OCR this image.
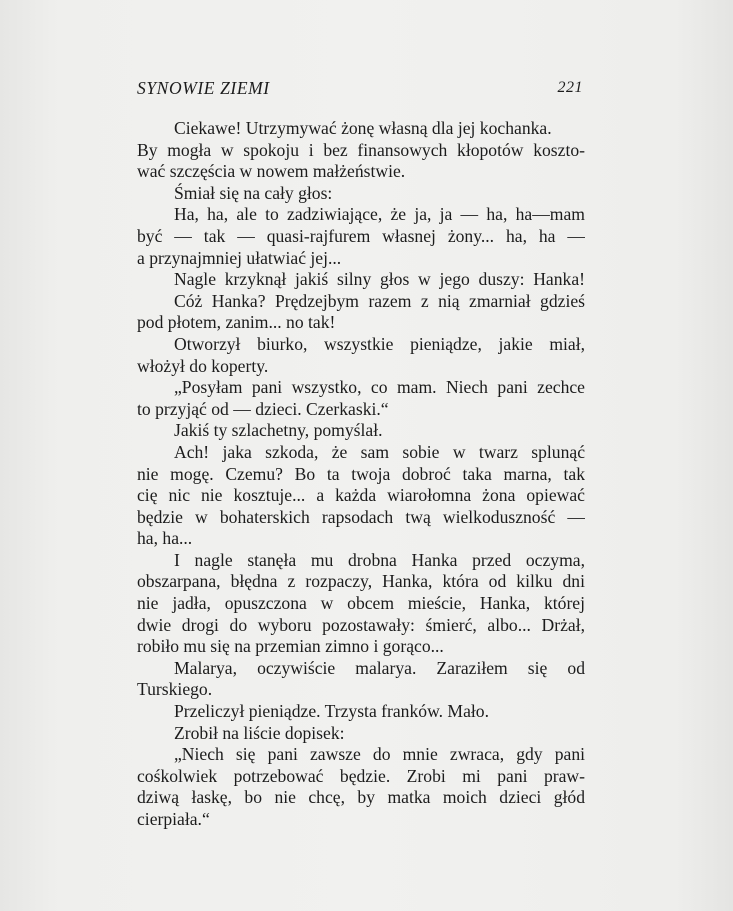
SYNOWIE ZIEMI	221
Ciekawe! Utrzymywać żonę własną dla jej kochanka.
By mogła w spokoju i bez finansowych kłopotów koszto-
wać szczęścia w nowem małżeństwie.
Śmiał się na cały głos:
Ha, ha, ale to zadziwiające, że ja, ja — ha, ha—mam
być — tak — quasi-rajfurem własnej żony... ha, ha —
a przynajmniej ułatwiać jej...
Nagle krzyknął jakiś silny głos w jego duszy: Hanka!
Cóż Hanka? Prędzejbym razem z nią zmarniał gdzieś
pod płotem, zanim... no tak!
Otworzył biurko, wszystkie pieniądze, jakie miał,
włożył do koperty.
„Posyłam pani wszystko, co mam. Niech pani zechce
to przyjąć od — dzieci. Czerkaski.“
Jakiś ty szlachetny, pomyślał.
Ach! jaka szkoda, że sam sobie w twarz splunąć
nie mogę. Czemu? Bo ta twoja dobroć taka marna, tak
cię nic nie kosztuje... a każda wiarołomna żona opiewać
będzie w bohaterskich rapsodach twą wielkoduszność —
ha, ha...
I nagle stanęła mu drobna Hanka przed oczyma,
obszarpana, błędna z rozpaczy, Hanka, która od kilku dni
nie jadła, opuszczona w obcem mieście, Hanka, której
dwie drogi do wyboru pozostawały: śmierć, albo... Drżał,
robiło mu się na przemian zimno i gorąco...
Malarya, oczywiście malarya. Zaraziłem się od
Turskiego.
Przeliczył pieniądze. Trzysta franków. Mało.
Zrobił na liście dopisek:
„Niech się pani zawsze do mnie zwraca, gdy pani
cośkolwiek potrzebować będzie. Zrobi mi pani praw-
dziwą łaskę, bo nie chcę, by matka moich dzieci głód
cierpiała.“
